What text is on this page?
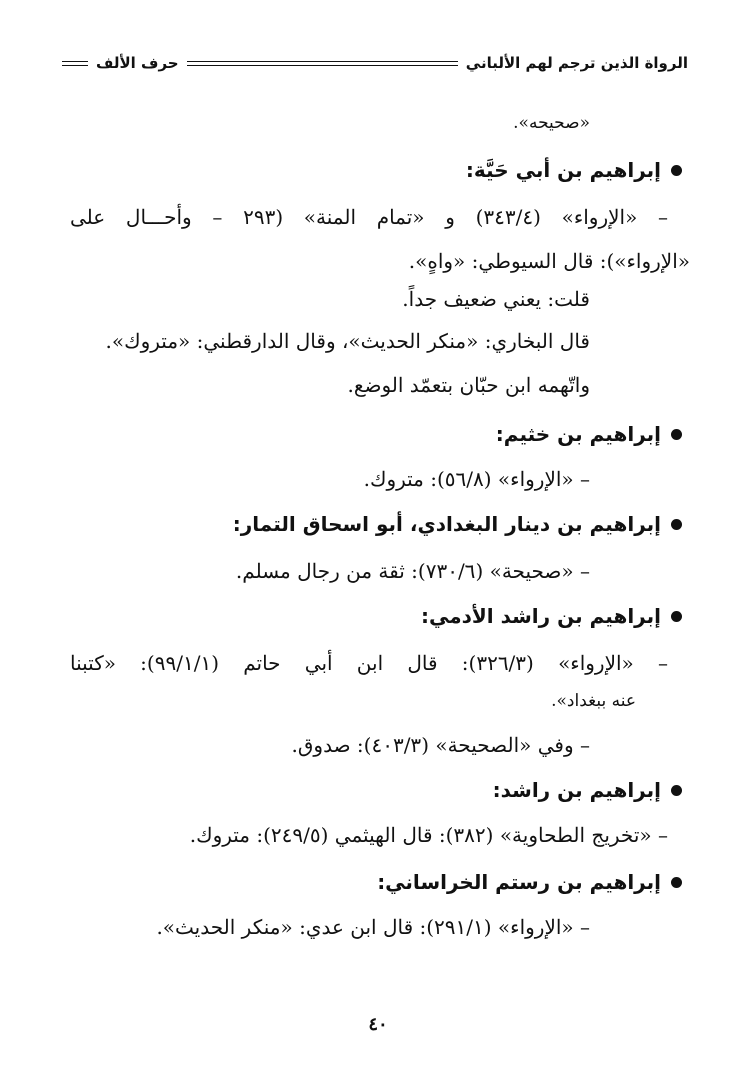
الرواة الذين ترجم لهم الألباني
حرف الألف
«صحيحه».
إبراهيم بن أبي حَيَّة:
– «الإرواء» (٣٤٣/٤) و «تمام المنة» (٢٩٣ – وأحـــال على
«الإرواء»): قال السيوطي: «واهٍ».
قلت: يعني ضعيف جداً.
قال البخاري: «منكر الحديث»، وقال الدارقطني: «متروك».
واتّهمه ابن حبّان بتعمّد الوضع.
إبراهيم بن خثيم:
– «الإرواء» (٥٦/٨): متروك.
إبراهيم بن دينار البغدادي، أبو اسحاق التمار:
– «صحيحة» (٧٣٠/٦): ثقة من رجال مسلم.
إبراهيم بن راشد الأدمي:
– «الإرواء» (٣٢٦/٣): قال ابن أبي حاتم (٩٩/١/١): «كتبنا
عنه ببغداد».
– وفي «الصحيحة» (٤٠٣/٣): صدوق.
إبراهيم بن راشد:
– «تخريج الطحاوية» (٣٨٢): قال الهيثمي (٢٤٩/٥): متروك.
إبراهيم بن رستم الخراساني:
– «الإرواء» (٢٩١/١): قال ابن عدي: «منكر الحديث».
٤٠
